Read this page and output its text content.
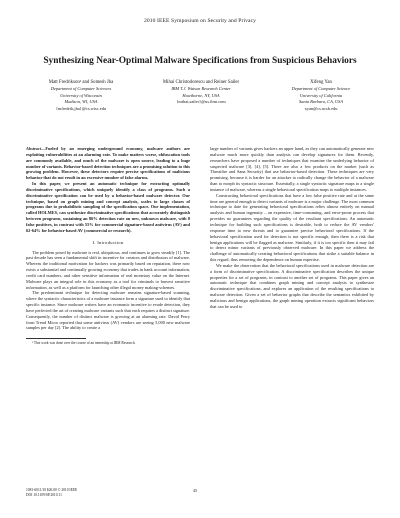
2010 IEEE Symposium on Security and Privacy
Synthesizing Near-Optimal Malware Specifications from Suspicious Behaviors
Matt Fredrikson¹ and Somesh Jha
Department of Computer Sciences
University of Wisconsin
Madison, WI, USA
{mfredrik,jha}@cs.wisc.edu
Mihai Christodorescu and Reiner Sailer
IBM T.J. Watson Research Center
Hawthorne, NY, USA
{mihai,sailer}@us.ibm.com
Xifeng Yan
Department of Computer Science
University of California
Santa Barbara, CA, USA
xyan@cs.ucsb.edu

Abstract—Fueled by an emerging underground economy, malware authors are exploiting vulnerabilities at an alarming rate. To make matters worse, obfuscation tools are commonly available, and much of the malware is open source, leading to a huge number of variants. Behavior-based detection techniques are a promising solution to this growing problem. However, these detectors require precise specifications of malicious behavior that do not result in an excessive number of false alarms.

In this paper, we present an automatic technique for extracting optimally discriminative specifications, which uniquely identify a class of programs. Such a discriminative specification can be used by a behavior-based malware detector. Our technique, based on graph mining and concept analysis, scales to large classes of programs due to probabilistic sampling of the specification space. Our implementation, called HOLMES, can synthesize discriminative specifications that accurately distinguish between programs, sustaining an 86% detection rate on new, unknown malware, with 0 false positives, in contrast with 55% for commercial signature-based antivirus (AV) and 62-64% for behavior-based AV (commercial or research).

I. Introduction

The problem posed by malware is real, ubiquitous, and continues to grow steadily [1]. The past decade has seen a fundamental shift in incentive for creators and distributors of malware. Whereas the traditional motivation for hackers was primarily based on reputation, there now exists a substantial and continually growing economy that trades in bank account information, credit card numbers, and other sensitive information of real monetary value on the Internet. Malware plays an integral role in this economy as a tool for criminals to harvest sensitive information, as well as a platform for launching other illegal money making-schemes.

The predominant technique for detecting malware remains signature-based scanning, where the syntactic characteristics of a malware instance form a signature used to identify that specific instance. Since malware writers have an economic incentive to evade detection, they have perfected the art of creating malware variants such that each requires a distinct signature. Consequently, the number of distinct malware is growing at an alarming rate. David Perry from Trend Micro reported that some antivirus (AV) vendors are seeing 5,000 new malware samples per day [2]. The ability to create a

¹ This work was done over the course of an internship at IBM Research.

large number of variants gives hackers an upper hand, as they can automatically generate new malware much more quickly than analysts can develop signatures for them. Recently, researchers have proposed a number of techniques that examine the underlying behavior of suspected malware [3], [4], [5]. There are also a few products on the market (such as Threatfire and Sana Security) that use behavior-based detection. These techniques are very promising, because it is harder for an attacker to radically change the behavior of a malware than to morph its syntactic structure. Essentially, a single syntactic signature maps to a single instance of malware, whereas a single behavioral specification maps to multiple instances.

Constructing behavioral specifications that have a low false positive rate and at the same time are general enough to detect variants of malware is a major challenge. The most common technique to date for generating behavioral specifications relies almost entirely on manual analysis and human ingenuity – an expensive, time-consuming, and error-prone process that provides no guarantees regarding the quality of the resultant specifications. An automatic technique for building such specifications is desirable, both to reduce the AV vendors' response time to new threats and to guarantee precise behavioral specifications. If the behavioral specification used for detection is not specific enough, then there is a risk that benign applications will be flagged as malware. Similarly, if it is too specific then it may fail to detect minor variants of previously observed malware. In this paper we address the challenge of automatically creating behavioral specifications that strike a suitable balance in this regard, thus removing the dependence on human expertise.

We make the observation that the behavioral specifications used in malware detection are a form of discriminative specification. A discriminative specification describes the unique properties for a set of programs, in contrast to another set of programs. This paper gives an automatic technique that combines graph mining and concept analysis to synthesize discriminative specifications, and explores an application of the resulting specifications to malware detection. Given a set of behavior graphs that describe the semantics exhibited by malicious and benign applications, the graph mining operation extracts significant behaviors that can be used to

1081-6011/10 $26.00 © 2010 IEEE
DOI 10.1109/SP.2010.11
45
